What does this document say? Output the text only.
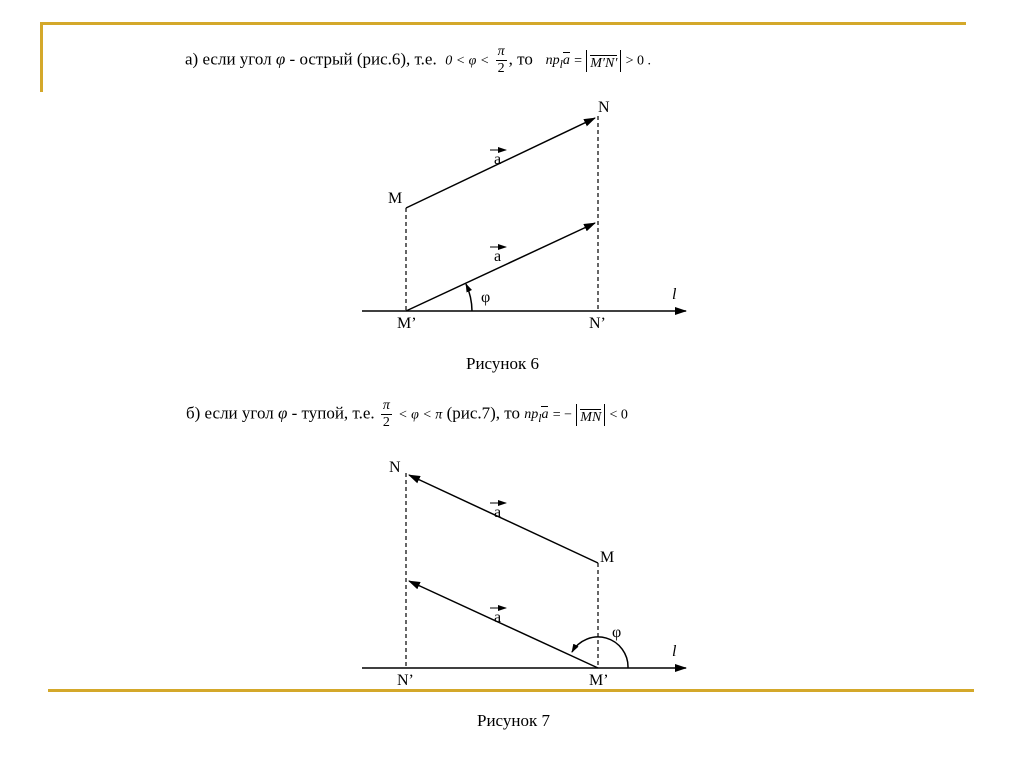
а) если угол φ - острый (рис.6), т.е. $0 < \varphi < \frac{\pi}{2}$ , то $np_la = M'N' > 0$ .
б) если угол φ - тупой, т.е. $\frac{\pi}{2} < \varphi < \pi$ (рис.7), то $np_la$ = − MN < 0
N
M
M’	N’
a
a
φ	l
N
M
N’	M’
a
a
φ
l
Рисунок 6
Рисунок 7
